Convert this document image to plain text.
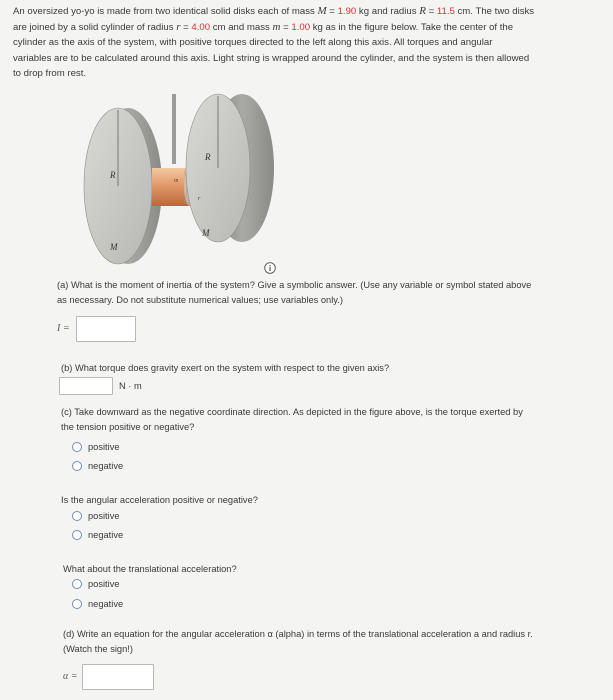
An oversized yo-yo is made from two identical solid disks each of mass M = 1.90 kg and radius R = 11.5 cm. The two disks
are joined by a solid cylinder of radius r = 4.00 cm and mass m = 1.00 kg as in the figure below. Take the center of the
cylinder as the axis of the system, with positive torques directed to the left along this axis. All torques and angular
variables are to be calculated around this axis. Light string is wrapped around the cylinder, and the system is then allowed
to drop from rest.
R
R
M
M
m
r
(a) What is the moment of inertia of the system? Give a symbolic answer. (Use any variable or symbol stated above
as necessary. Do not substitute numerical values; use variables only.)
I =
(b) What torque does gravity exert on the system with respect to the given axis?
N · m
(c) Take downward as the negative coordinate direction. As depicted in the figure above, is the torque exerted by
the tension positive or negative?
positive
negative
Is the angular acceleration positive or negative?
positive
negative
What about the translational acceleration?
positive
negative
(d) Write an equation for the angular acceleration α (alpha) in terms of the translational acceleration a and radius r.
(Watch the sign!)
α =
